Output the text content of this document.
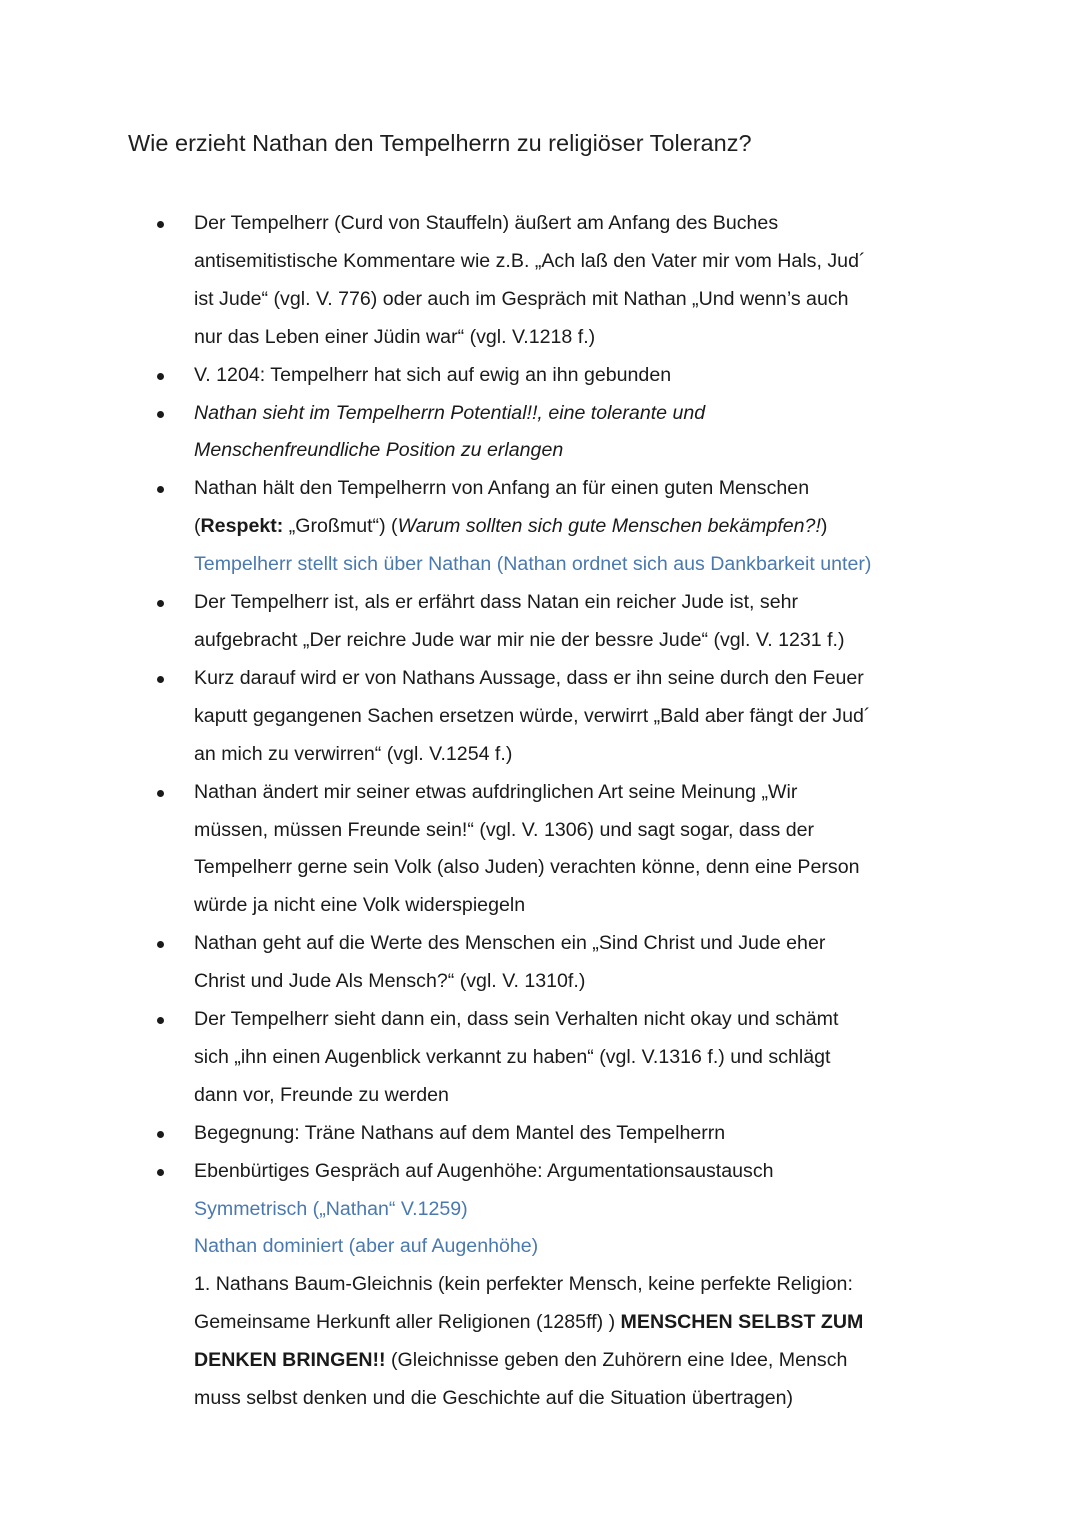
Wie erzieht Nathan den Tempelherrn zu religiöser Toleranz?
Der Tempelherr (Curd von Stauffeln) äußert am Anfang des Buches
antisemitistische Kommentare wie z.B. „Ach laß den Vater mir vom Hals, Jud´
ist Jude“ (vgl. V. 776) oder auch im Gespräch mit Nathan „Und wenn’s auch
nur das Leben einer Jüdin war“ (vgl. V.1218 f.)
V. 1204: Tempelherr hat sich auf ewig an ihn gebunden
Nathan sieht im Tempelherrn Potential!!, eine tolerante und
Menschenfreundliche Position zu erlangen
Nathan hält den Tempelherrn von Anfang an für einen guten Menschen
(Respekt: „Großmut“) (Warum sollten sich gute Menschen bekämpfen?!)
Tempelherr stellt sich über Nathan (Nathan ordnet sich aus Dankbarkeit unter)
Der Tempelherr ist, als er erfährt dass Natan ein reicher Jude ist, sehr
aufgebracht „Der reichre Jude war mir nie der bessre Jude“ (vgl. V. 1231 f.)
Kurz darauf wird er von Nathans Aussage, dass er ihn seine durch den Feuer
kaputt gegangenen Sachen ersetzen würde, verwirrt „Bald aber fängt der Jud´
an mich zu verwirren“ (vgl. V.1254 f.)
Nathan ändert mir seiner etwas aufdringlichen Art seine Meinung „Wir
müssen, müssen Freunde sein!“ (vgl. V. 1306) und sagt sogar, dass der
Tempelherr gerne sein Volk (also Juden) verachten könne, denn eine Person
würde ja nicht eine Volk widerspiegeln
Nathan geht auf die Werte des Menschen ein „Sind Christ und Jude eher
Christ und Jude Als Mensch?“ (vgl. V. 1310f.)
Der Tempelherr sieht dann ein, dass sein Verhalten nicht okay und schämt
sich „ihn einen Augenblick verkannt zu haben“ (vgl. V.1316 f.) und schlägt
dann vor, Freunde zu werden
Begegnung: Träne Nathans auf dem Mantel des Tempelherrn
Ebenbürtiges Gespräch auf Augenhöhe: Argumentationsaustausch
Symmetrisch („Nathan“ V.1259)
Nathan dominiert (aber auf Augenhöhe)
1. Nathans Baum-Gleichnis (kein perfekter Mensch, keine perfekte Religion:
Gemeinsame Herkunft aller Religionen (1285ff) ) MENSCHEN SELBST ZUM
DENKEN BRINGEN!! (Gleichnisse geben den Zuhörern eine Idee, Mensch
muss selbst denken und die Geschichte auf die Situation übertragen)
